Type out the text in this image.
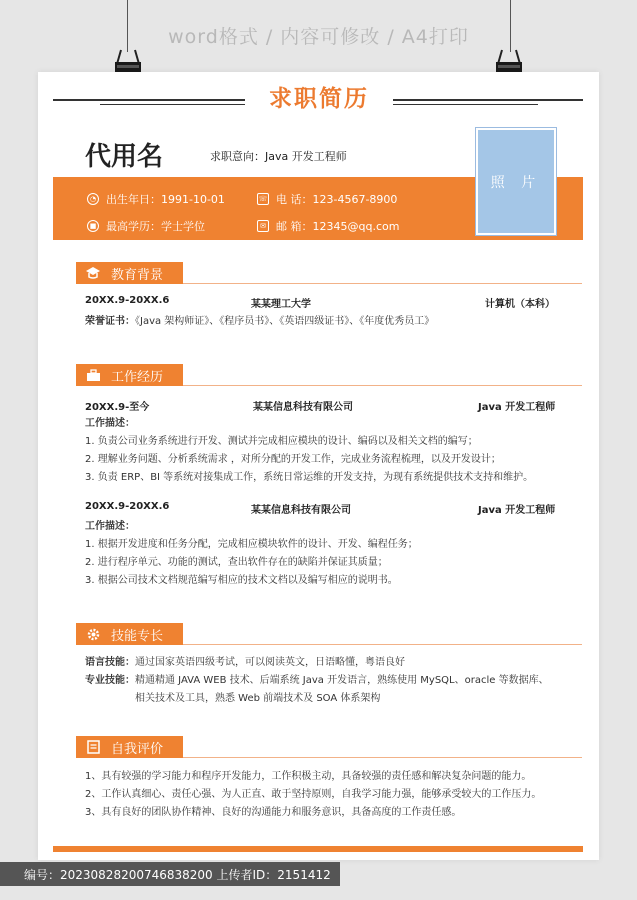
word格式 / 内容可修改 / A4打印
求职简历
代用名	求职意向：Java 开发工程师
照 片
◔ 出生年日：1991-10-01	☏ 电 话：123-4567-8900
■ 最高学历：学士学位	✉ 邮 箱：12345@qq.com
教育背景
20XX.9-20XX.6	某某理工大学	计算机（本科）
荣誉证书：《Java 架构师证》、《程序员书》、《英语四级证书》、《年度优秀员工》
工作经历
20XX.9-至今	某某信息科技有限公司	Java 开发工程师
工作描述：
1. 负责公司业务系统进行开发、测试并完成相应模块的设计、编码以及相关文档的编写；
2. 理解业务问题、分析系统需求 ，对所分配的开发工作，完成业务流程梳理，以及开发设计；
3. 负责 ERP、BI 等系统对接集成工作，系统日常运维的开发支持，为现有系统提供技术支持和维护。
20XX.9-20XX.6	某某信息科技有限公司	Java 开发工程师
工作描述：
1. 根据开发进度和任务分配，完成相应模块软件的设计、开发、编程任务；
2. 进行程序单元、功能的测试，查出软件存在的缺陷并保证其质量；
3. 根据公司技术文档规范编写相应的技术文档以及编写相应的说明书。
技能专长
语言技能：通过国家英语四级考试，可以阅读英文，日语略懂，粤语良好
专业技能：精通精通 JAVA WEB 技术、后端系统 Java 开发语言，熟练使用 MySQL、oracle 等数据库、
相关技术及工具，熟悉 Web 前端技术及 SOA 体系架构
自我评价
1、具有较强的学习能力和程序开发能力，工作积极主动，具备较强的责任感和解决复杂问题的能力。
2、工作认真细心、责任心强、为人正直、敢于坚持原则，自我学习能力强，能够承受较大的工作压力。
3、具有良好的团队协作精神、良好的沟通能力和服务意识，具备高度的工作责任感。
编号：20230828200746838200 上传者ID：2151412
